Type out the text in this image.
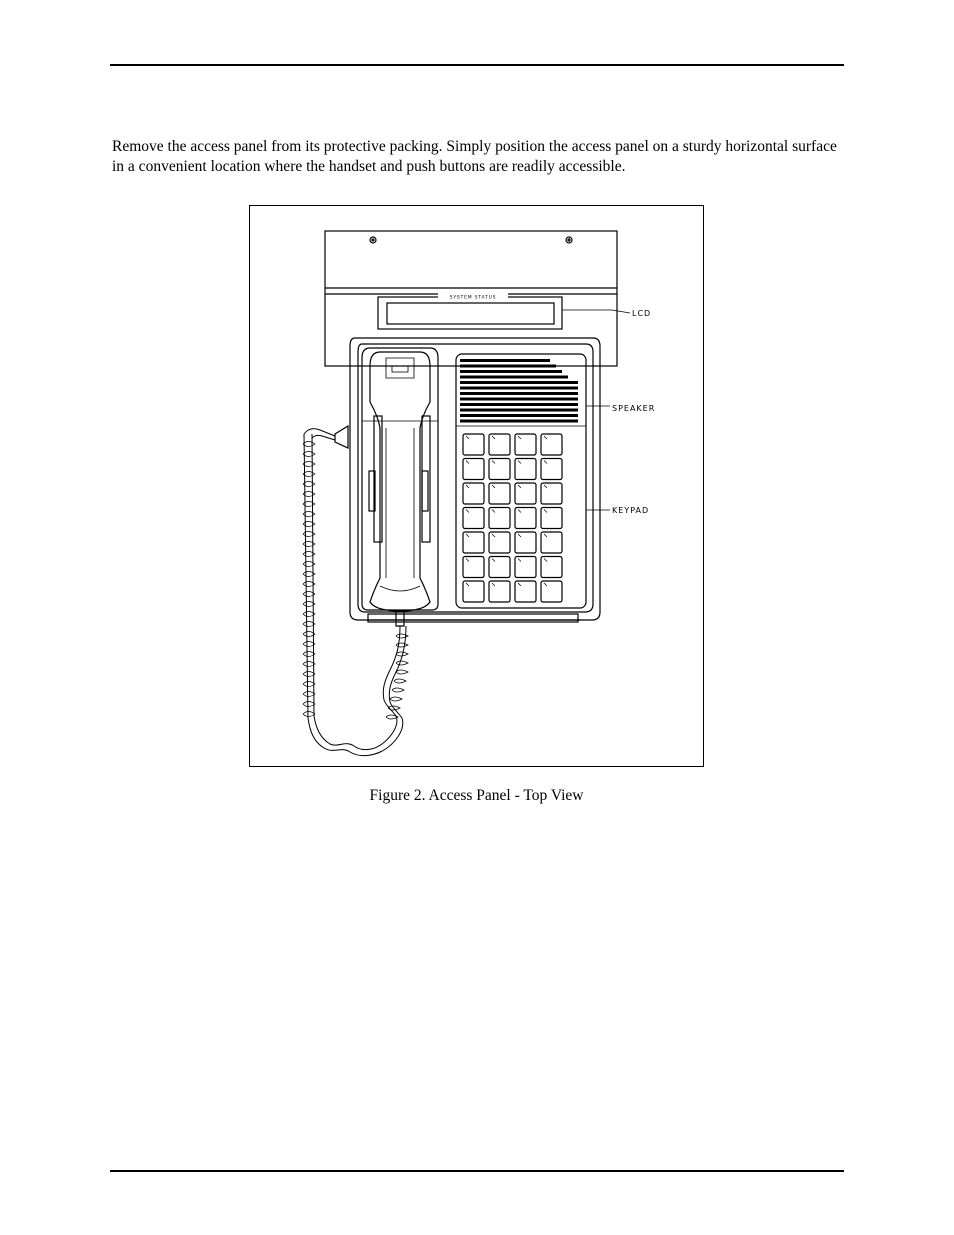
Remove the access panel from its protective packing. Simply position the access panel on a sturdy horizontal surface in a convenient location where the handset and push buttons are readily accessible.

SYSTEM STATUS
LCD
SPEAKER
KEYPAD

Figure 2. Access Panel - Top View
